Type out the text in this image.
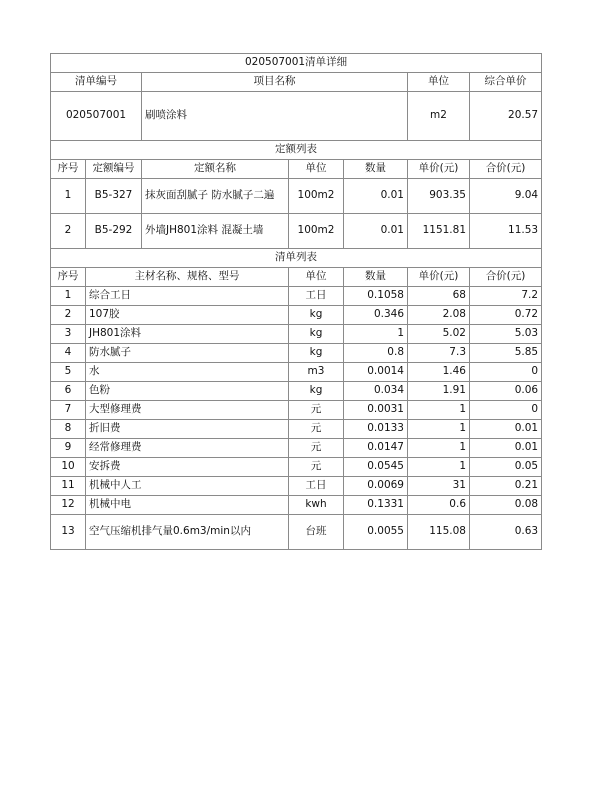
020507001清单详细						
清单编号		项目名称			单位	综合单价
020507001		刷喷涂料			m2	20.57
定额列表						
序号	定额编号	定额名称	单位	数量	单价(元)	合价(元)
1	B5-327	抹灰面刮腻子 防水腻子二遍	100m2	0.01	903.35	9.04
2	B5-292	外墙JH801涂料 混凝土墙	100m2	0.01	1151.81	11.53
清单列表						
序号	主材名称、规格、型号		单位	数量	单价(元)	合价(元)
1	综合工日		工日	0.1058	68	7.2
2	107胶		kg	0.346	2.08	0.72
3	JH801涂料		kg	1	5.02	5.03
4	防水腻子		kg	0.8	7.3	5.85
5	水		m3	0.0014	1.46	0
6	色粉		kg	0.034	1.91	0.06
7	大型修理费		元	0.0031	1	0
8	折旧费		元	0.0133	1	0.01
9	经常修理费		元	0.0147	1	0.01
10	安拆费		元	0.0545	1	0.05
11	机械中人工		工日	0.0069	31	0.21
12	机械中电		kwh	0.1331	0.6	0.08
13	空气压缩机排气量0.6m3/min以内		台班	0.0055	115.08	0.63
